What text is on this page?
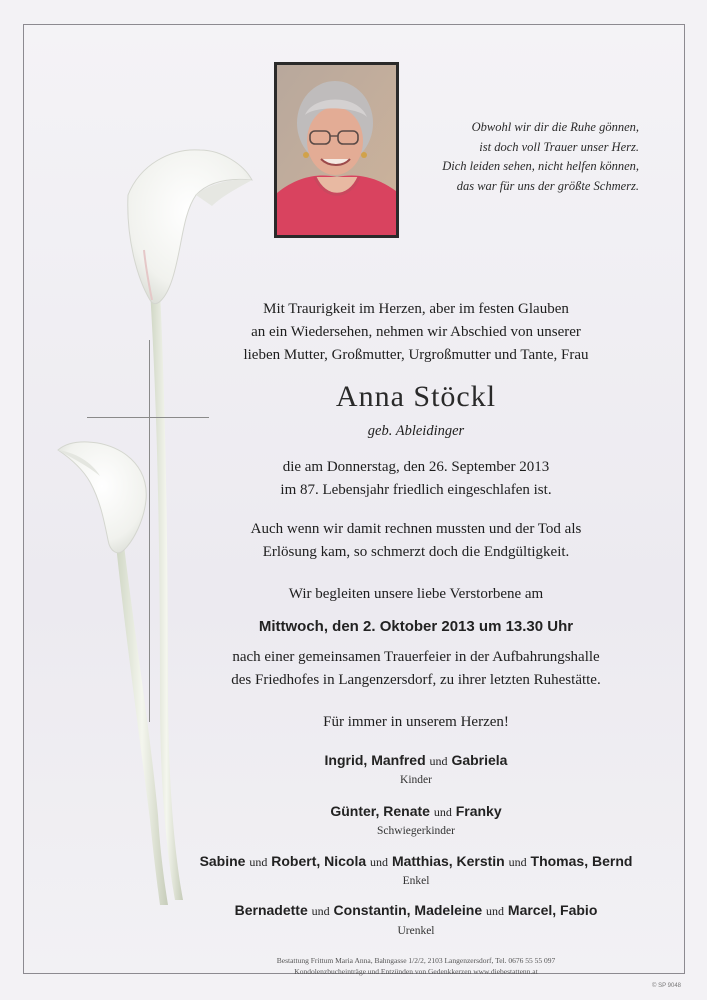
Obwohl wir dir die Ruhe gönnen,
ist doch voll Trauer unser Herz.
Dich leiden sehen, nicht helfen können,
das war für uns der größte Schmerz.
Mit Traurigkeit im Herzen, aber im festen Glauben
an ein Wiedersehen, nehmen wir Abschied von unserer
lieben Mutter, Großmutter, Urgroßmutter und Tante, Frau
Anna Stöckl
geb. Ableidinger
die am Donnerstag, den 26. September 2013
im 87. Lebensjahr friedlich eingeschlafen ist.
Auch wenn wir damit rechnen mussten und der Tod als
Erlösung kam, so schmerzt doch die Endgültigkeit.
Wir begleiten unsere liebe Verstorbene am
Mittwoch, den 2. Oktober 2013 um 13.30 Uhr
nach einer gemeinsamen Trauerfeier in der Aufbahrungshalle
des Friedhofes in Langenzersdorf, zu ihrer letzten Ruhestätte.
Für immer in unserem Herzen!
Ingrid, Manfred und Gabriela
Kinder
Günter, Renate und Franky
Schwiegerkinder
Sabine und Robert, Nicola und Matthias, Kerstin und Thomas, Bernd
Enkel
Bernadette und Constantin, Madeleine und Marcel, Fabio
Urenkel
Bestattung Frittum Maria Anna, Bahngasse 1/2/2, 2103 Langenzersdorf, Tel. 0676 55 55 097
Kondolenzbucheinträge und Entzünden von Gedenkkerzen www.diebestattenn.at
© SP 9048
